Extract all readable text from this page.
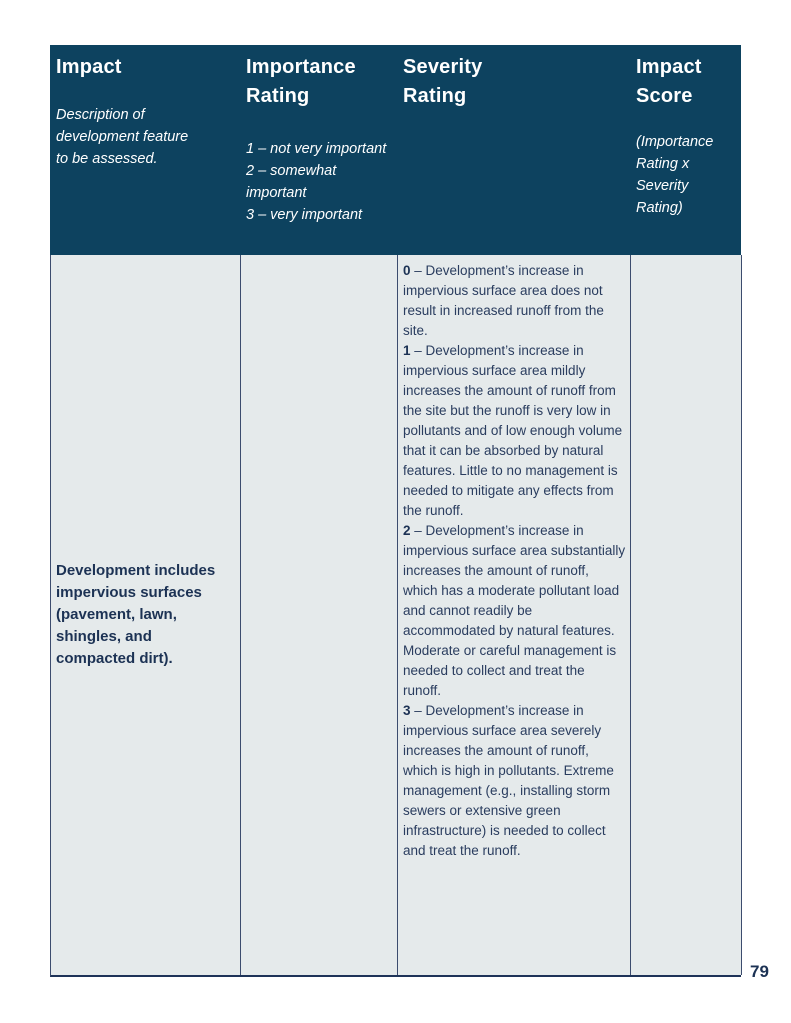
Impact
Description of development feature to be assessed.
Importance Rating
1 – not very important
2 – somewhat important
3 – very important
Severity Rating
Impact Score
(Importance Rating x Severity Rating)
Development includes impervious surfaces (pavement, lawn, shingles, and compacted dirt).
0 – Development’s increase in impervious surface area does not result in increased runoff from the site.
1 – Development’s increase in impervious surface area mildly increases the amount of runoff from the site but the runoff is very low in pollutants and of low enough volume that it can be absorbed by natural features. Little to no management is needed to mitigate any effects from the runoff.
2 – Development’s increase in impervious surface area substantially increases the amount of runoff, which has a moderate pollutant load and cannot readily be accommodated by natural features. Moderate or careful management is needed to collect and treat the runoff.
3 – Development’s increase in impervious surface area severely increases the amount of runoff, which is high in pollutants. Extreme management (e.g., installing storm sewers or extensive green infrastructure) is needed to collect and treat the runoff.
79
